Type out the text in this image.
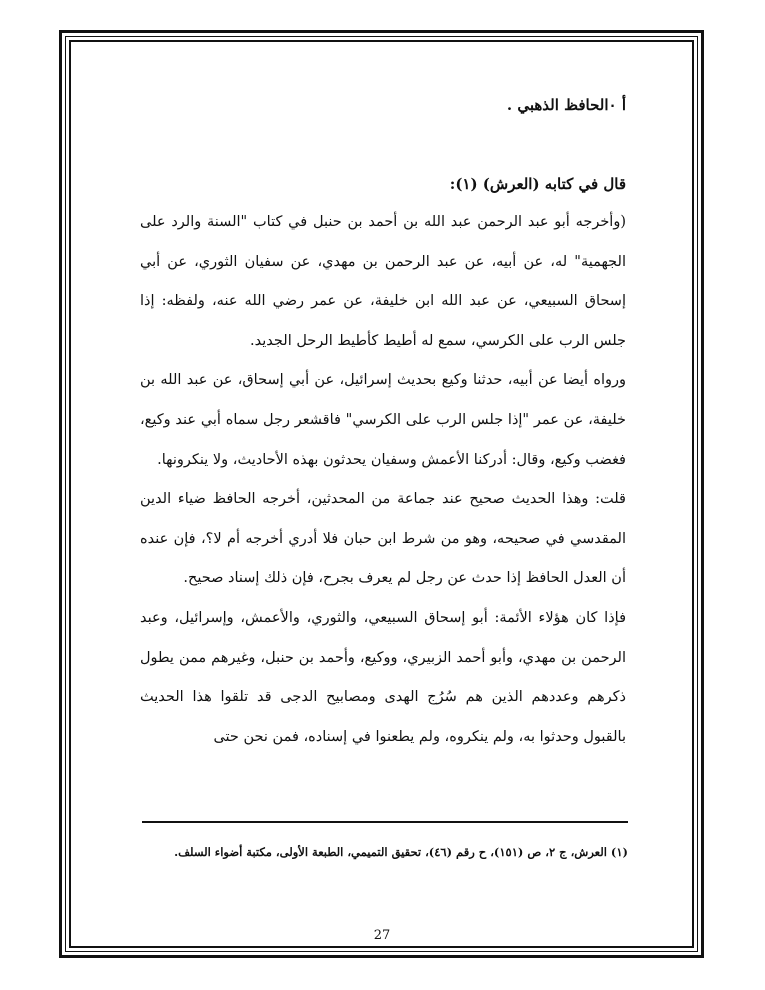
أ ٠الحافظ الذهبي .
قال في كتابه (العرش) (١):

(وأخرجه أبو عبد الرحمن عبد الله بن أحمد بن حنبل في كتاب "السنة والرد على الجهمية" له، عن أبيه، عن عبد الرحمن بن مهدي، عن سفيان الثوري، عن أبي إسحاق السبيعي، عن عبد الله ابن خليفة، عن عمر رضي الله عنه، ولفظه: إذا جلس الرب على الكرسي، سمع له أطيط كأطيط الرحل الجديد.

ورواه أيضا عن أبيه، حدثنا وكيع بحديث إسرائيل، عن أبي إسحاق، عن عبد الله بن خليفة، عن عمر "إذا جلس الرب على الكرسي" فاقشعر رجل سماه أبي عند وكيع، فغضب وكيع، وقال: أدركنا الأعمش وسفيان يحدثون بهذه الأحاديث، ولا ينكرونها.

قلت: وهذا الحديث صحيح عند جماعة من المحدثين، أخرجه الحافظ ضياء الدين المقدسي في صحيحه، وهو من شرط ابن حبان فلا أدري أخرجه أم لا؟، فإن عنده أن العدل الحافظ إذا حدث عن رجل لم يعرف بجرح، فإن ذلك إسناد صحيح.

فإذا كان هؤلاء الأئمة: أبو إسحاق السبيعي، والثوري، والأعمش، وإسرائيل، وعبد الرحمن بن مهدي، وأبو أحمد الزبيري، ووكيع، وأحمد بن حنبل، وغيرهم ممن يطول ذكرهم وعددهم الذين هم سُرُج الهدى ومصابيح الدجى قد تلقوا هذا الحديث بالقبول وحدثوا به، ولم ينكروه، ولم يطعنوا في إسناده، فمن نحن حتى

(١) العرش، ج ٢، ص (١٥١)، ح رقم (٤٦)، تحقيق التميمي، الطبعة الأولى، مكتبة أضواء السلف.
27
